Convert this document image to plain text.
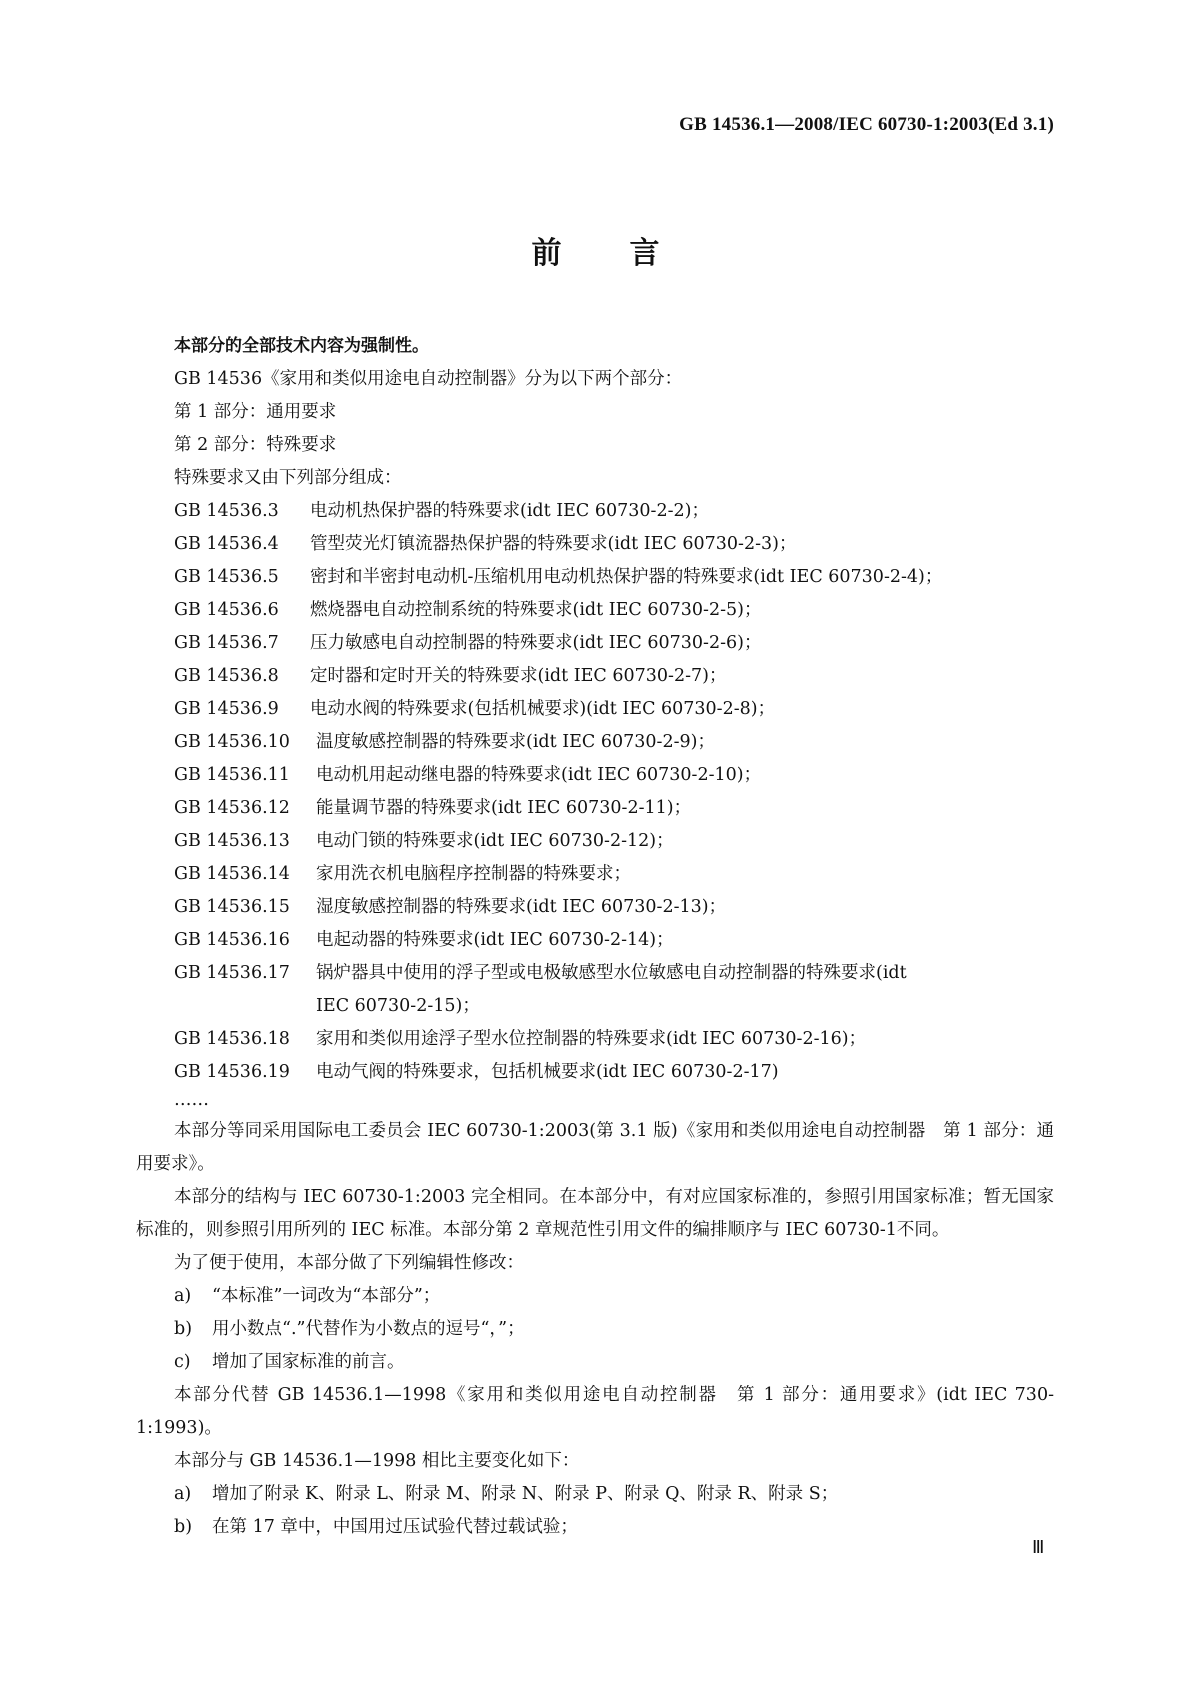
GB 14536.1—2008/IEC 60730-1:2003(Ed 3.1)
前 言
本部分的全部技术内容为强制性。
GB 14536《家用和类似用途电自动控制器》分为以下两个部分：
第 1 部分：通用要求
第 2 部分：特殊要求
特殊要求又由下列部分组成：
GB 14536.3	电动机热保护器的特殊要求(idt IEC 60730-2-2)；
GB 14536.4	管型荧光灯镇流器热保护器的特殊要求(idt IEC 60730-2-3)；
GB 14536.5	密封和半密封电动机-压缩机用电动机热保护器的特殊要求(idt IEC 60730-2-4)；
GB 14536.6	燃烧器电自动控制系统的特殊要求(idt IEC 60730-2-5)；
GB 14536.7	压力敏感电自动控制器的特殊要求(idt IEC 60730-2-6)；
GB 14536.8	定时器和定时开关的特殊要求(idt IEC 60730-2-7)；
GB 14536.9	电动水阀的特殊要求(包括机械要求)(idt IEC 60730-2-8)；
GB 14536.10	温度敏感控制器的特殊要求(idt IEC 60730-2-9)；
GB 14536.11	电动机用起动继电器的特殊要求(idt IEC 60730-2-10)；
GB 14536.12	能量调节器的特殊要求(idt IEC 60730-2-11)；
GB 14536.13	电动门锁的特殊要求(idt IEC 60730-2-12)；
GB 14536.14	家用洗衣机电脑程序控制器的特殊要求；
GB 14536.15	湿度敏感控制器的特殊要求(idt IEC 60730-2-13)；
GB 14536.16	电起动器的特殊要求(idt IEC 60730-2-14)；
GB 14536.17	锅炉器具中使用的浮子型或电极敏感型水位敏感电自动控制器的特殊要求(idt
IEC 60730-2-15)；
GB 14536.18	家用和类似用途浮子型水位控制器的特殊要求(idt IEC 60730-2-16)；
GB 14536.19	电动气阀的特殊要求，包括机械要求(idt IEC 60730-2-17)
……
本部分等同采用国际电工委员会 IEC 60730-1:2003(第 3.1 版)《家用和类似用途电自动控制器　第 1 部分：通用要求》。
本部分的结构与 IEC 60730-1:2003 完全相同。在本部分中，有对应国家标准的，参照引用国家标准；暂无国家标准的，则参照引用所列的 IEC 标准。本部分第 2 章规范性引用文件的编排顺序与 IEC 60730-1不同。
为了便于使用，本部分做了下列编辑性修改：
a)	“本标准”一词改为“本部分”；
b)	用小数点“.”代替作为小数点的逗号“，”；
c)	增加了国家标准的前言。
本部分代替 GB 14536.1—1998《家用和类似用途电自动控制器　第 1 部分：通用要求》(idt IEC 730-1:1993)。
本部分与 GB 14536.1—1998 相比主要变化如下：
a)	增加了附录 K、附录 L、附录 M、附录 N、附录 P、附录 Q、附录 R、附录 S；
b)	在第 17 章中，中国用过压试验代替过载试验；
Ⅲ
